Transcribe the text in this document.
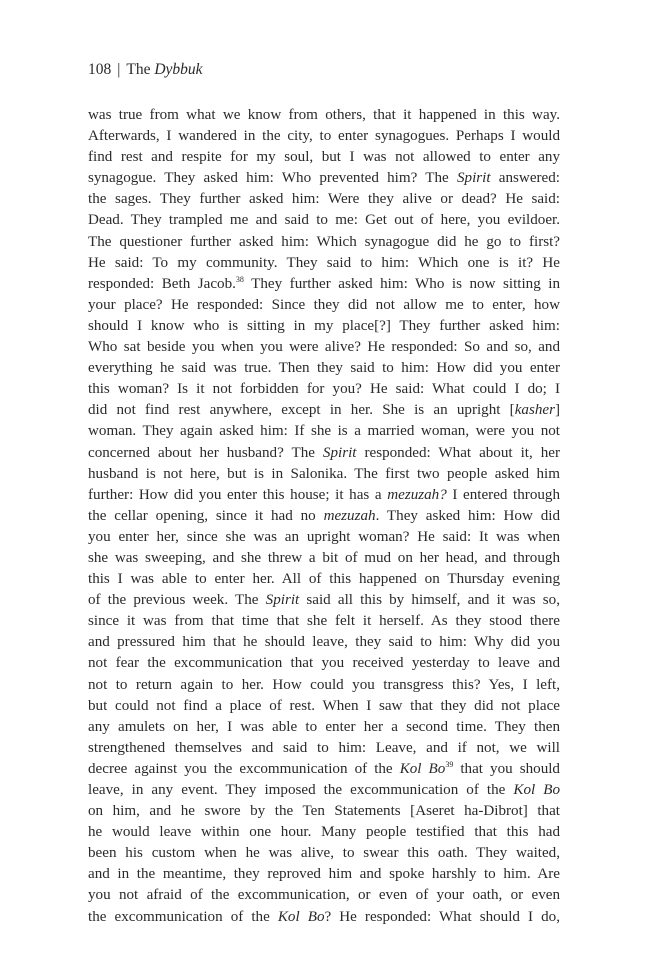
108 | The Dybbuk
was true from what we know from others, that it happened in this way.
Afterwards, I wandered in the city, to enter synagogues. Perhaps I would
find rest and respite for my soul, but I was not allowed to enter any
synagogue. They asked him: Who prevented him? The Spirit answered:
the sages. They further asked him: Were they alive or dead? He said:
Dead. They trampled me and said to me: Get out of here, you evildoer.
The questioner further asked him: Which synagogue did he go to first?
He said: To my community. They said to him: Which one is it? He
responded: Beth Jacob.$^{38}$ They further asked him: Who is now sitting in
your place? He responded: Since they did not allow me to enter, how
should I know who is sitting in my place[?] They further asked him:
Who sat beside you when you were alive? He responded: So and so, and
everything he said was true. Then they said to him: How did you enter
this woman? Is it not forbidden for you? He said: What could I do; I
did not find rest anywhere, except in her. She is an upright [kasher]
woman. They again asked him: If she is a married woman, were you not
concerned about her husband? The Spirit responded: What about it, her
husband is not here, but is in Salonika. The first two people asked him
further: How did you enter this house; it has a mezuzah? I entered through
the cellar opening, since it had no mezuzah. They asked him: How did
you enter her, since she was an upright woman? He said: It was when
she was sweeping, and she threw a bit of mud on her head, and through
this I was able to enter her. All of this happened on Thursday evening
of the previous week. The Spirit said all this by himself, and it was so,
since it was from that time that she felt it herself. As they stood there
and pressured him that he should leave, they said to him: Why did you
not fear the excommunication that you received yesterday to leave and
not to return again to her. How could you transgress this? Yes, I left,
but could not find a place of rest. When I saw that they did not place
any amulets on her, I was able to enter her a second time. They then
strengthened themselves and said to him: Leave, and if not, we will
decree against you the excommunication of the Kol Bo$^{39}$ that you should
leave, in any event. They imposed the excommunication of the Kol Bo
on him, and he swore by the Ten Statements [Aseret ha-Dibrot] that
he would leave within one hour. Many people testified that this had
been his custom when he was alive, to swear this oath. They waited,
and in the meantime, they reproved him and spoke harshly to him. Are
you not afraid of the excommunication, or even of your oath, or even
the excommunication of the Kol Bo? He responded: What should I do,
